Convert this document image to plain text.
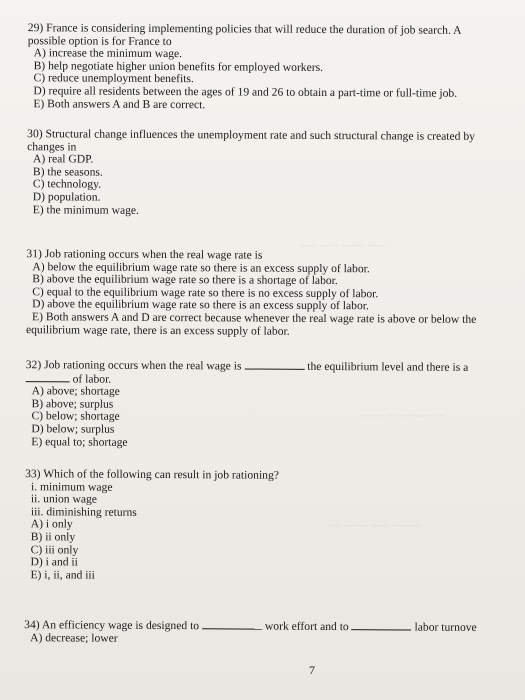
~~~ ~~~ ~~~~ ~~~
~~~~ ~~ ~~~~~ ~~
~~ ~~~~ ~~~ ~~~~~
29) France is considering implementing policies that will reduce the duration of job search. A
possible option is for France to
A) increase the minimum wage.
B) help negotiate higher union benefits for employed workers.
C) reduce unemployment benefits.
D) require all residents between the ages of 19 and 26 to obtain a part-time or full-time job.
E) Both answers A and B are correct.
30) Structural change influences the unemployment rate and such structural change is created by
changes in
A) real GDP.
B) the seasons.
C) technology.
D) population.
E) the minimum wage.
31) Job rationing occurs when the real wage rate is
A) below the equilibrium wage rate so there is an excess supply of labor.
B) above the equilibrium wage rate so there is a shortage of labor.
C) equal to the equilibrium wage rate so there is no excess supply of labor.
D) above the equilibrium wage rate so there is an excess supply of labor.
E) Both answers A and D are correct because whenever the real wage rate is above or below the
equilibrium wage rate, there is an excess supply of labor.
32) Job rationing occurs when the real wage is	the equilibrium level and there is a
of labor.
A) above; shortage
B) above; surplus
C) below; shortage
D) below; surplus
E) equal to; shortage
33) Which of the following can result in job rationing?
i. minimum wage
ii. union wage
iii. diminishing returns
A) i only
B) ii only
C) iii only
D) i and ii
E) i, ii, and iii
34) An efficiency wage is designed to	work effort and to	labor turnove
A) decrease; lower
7
